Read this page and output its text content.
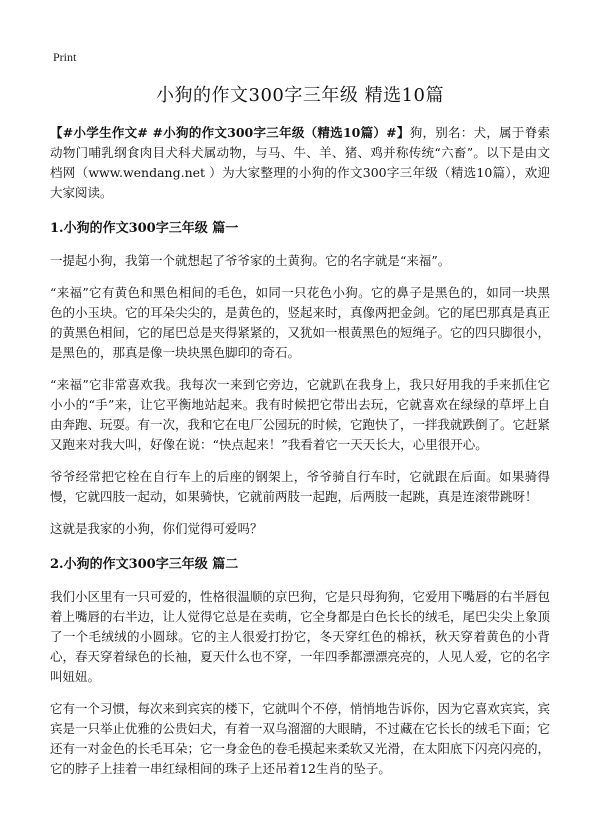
Print
小狗的作文300字三年级 精选10篇

【#小学生作文# #小狗的作文300字三年级（精选10篇）#】狗，别名：犬，属于脊索动物门哺乳纲食肉目犬科犬属动物，与马、牛、羊、猪、鸡并称传统“六畜”。以下是由文档网（www.wendang.net ）为大家整理的小狗的作文300字三年级（精选10篇），欢迎大家阅读。

1.小狗的作文300字三年级 篇一

一提起小狗，我第一个就想起了爷爷家的土黄狗。它的名字就是“来福”。

“来福”它有黄色和黑色相间的毛色，如同一只花色小狗。它的鼻子是黑色的，如同一块黑色的小玉块。它的耳朵尖尖的，是黄色的，竖起来时，真像两把金剑。它的尾巴那真是真正的黄黑色相间，它的尾巴总是夹得紧紧的，又犹如一根黄黑色的短绳子。它的四只脚很小，是黑色的，那真是像一块块黑色脚印的奇石。

“来福”它非常喜欢我。我每次一来到它旁边，它就趴在我身上，我只好用我的手来抓住它小小的“手”来，让它平衡地站起来。我有时候把它带出去玩，它就喜欢在绿绿的草坪上自由奔跑、玩耍。有一次，我和它在电厂公园玩的时候，它跑快了，一拌我就跌倒了。它赶紧又跑来对我大叫，好像在说：“快点起来！”我看着它一天天长大，心里很开心。

爷爷经常把它栓在自行车上的后座的钢架上，爷爷骑自行车时，它就跟在后面。如果骑得慢，它就四肢一起动，如果骑快，它就前两肢一起跑，后两肢一起跳，真是连滚带跳呀！

这就是我家的小狗，你们觉得可爱吗？

2.小狗的作文300字三年级 篇二

我们小区里有一只可爱的，性格很温顺的京巴狗，它是只母狗狗，它爱用下嘴唇的右半唇包着上嘴唇的右半边，让人觉得它总是在卖萌，它全身都是白色长长的绒毛，尾巴尖尖上象顶了一个毛绒绒的小圆球。它的主人很爱打扮它，冬天穿红色的棉袄，秋天穿着黄色的小背心，春天穿着绿色的长袖，夏天什么也不穿，一年四季都漂漂亮亮的，人见人爱，它的名字叫妞妞。

它有一个习惯，每次来到宾宾的楼下，它就叫个不停，悄悄地告诉你，因为它喜欢宾宾，宾宾是一只举止优雅的公贵妇犬，有着一双乌溜溜的大眼睛，不过藏在它长长的绒毛下面；它还有一对金色的长毛耳朵；它一身金色的卷毛摸起来柔软又光滑，在太阳底下闪亮闪亮的，它的脖子上挂着一串红绿相间的珠子上还吊着12生肖的坠子。
